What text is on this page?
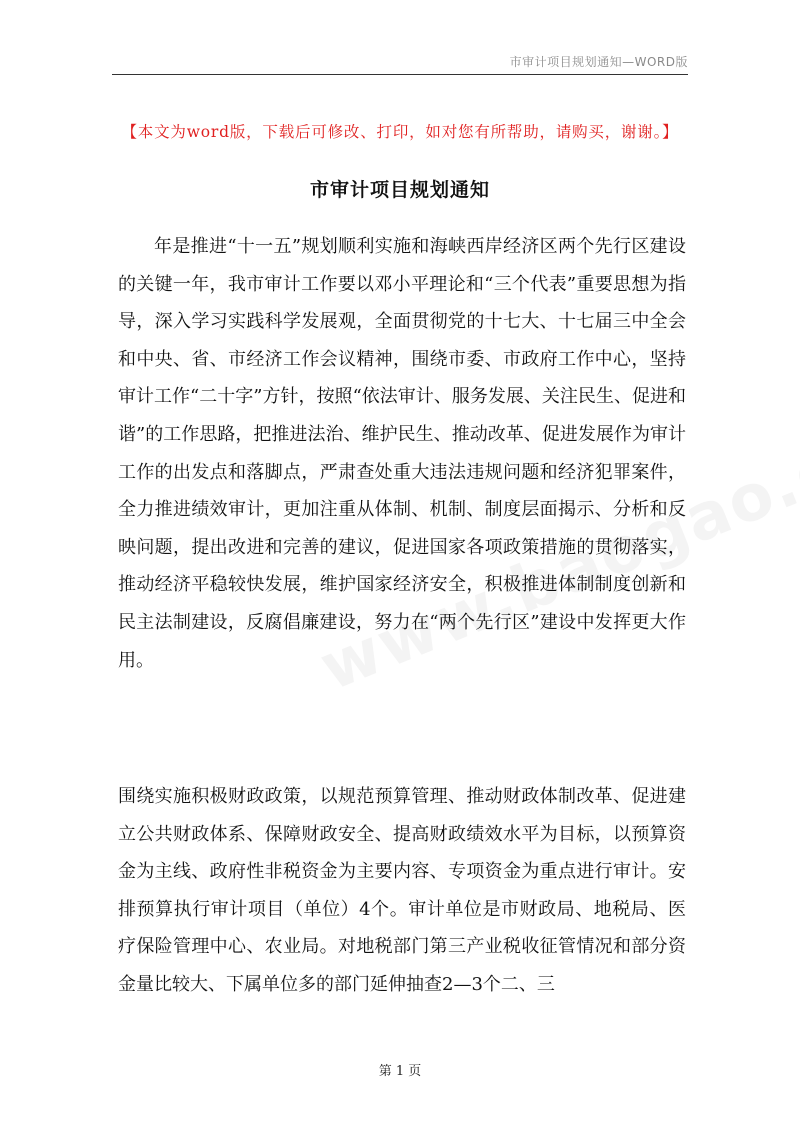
市审计项目规划通知—WORD版
【本文为word版，下载后可修改、打印，如对您有所帮助，请购买，谢谢。】
市审计项目规划通知

年是推进“十一五”规划顺利实施和海峡西岸经济区两个先行区建设的关键一年，我市审计工作要以邓小平理论和“三个代表”重要思想为指导，深入学习实践科学发展观，全面贯彻党的十七大、十七届三中全会和中央、省、市经济工作会议精神，围绕市委、市政府工作中心，坚持审计工作“二十字”方针，按照“依法审计、服务发展、关注民生、促进和谐”的工作思路，把推进法治、维护民生、推动改革、促进发展作为审计工作的出发点和落脚点，严肃查处重大违法违规问题和经济犯罪案件，全力推进绩效审计，更加注重从体制、机制、制度层面揭示、分析和反映问题，提出改进和完善的建议，促进国家各项政策措施的贯彻落实，推动经济平稳较快发展，维护国家经济安全，积极推进体制制度创新和民主法制建设，反腐倡廉建设，努力在“两个先行区”建设中发挥更大作用。

围绕实施积极财政政策，以规范预算管理、推动财政体制改革、促进建立公共财政体系、保障财政安全、提高财政绩效水平为目标，以预算资金为主线、政府性非税资金为主要内容、专项资金为重点进行审计。安排预算执行审计项目（单位）4个。审计单位是市财政局、地税局、医疗保险管理中心、农业局。对地税部门第三产业税收征管情况和部分资金量比较大、下属单位多的部门延伸抽查2—3个二、三

第 1 页
